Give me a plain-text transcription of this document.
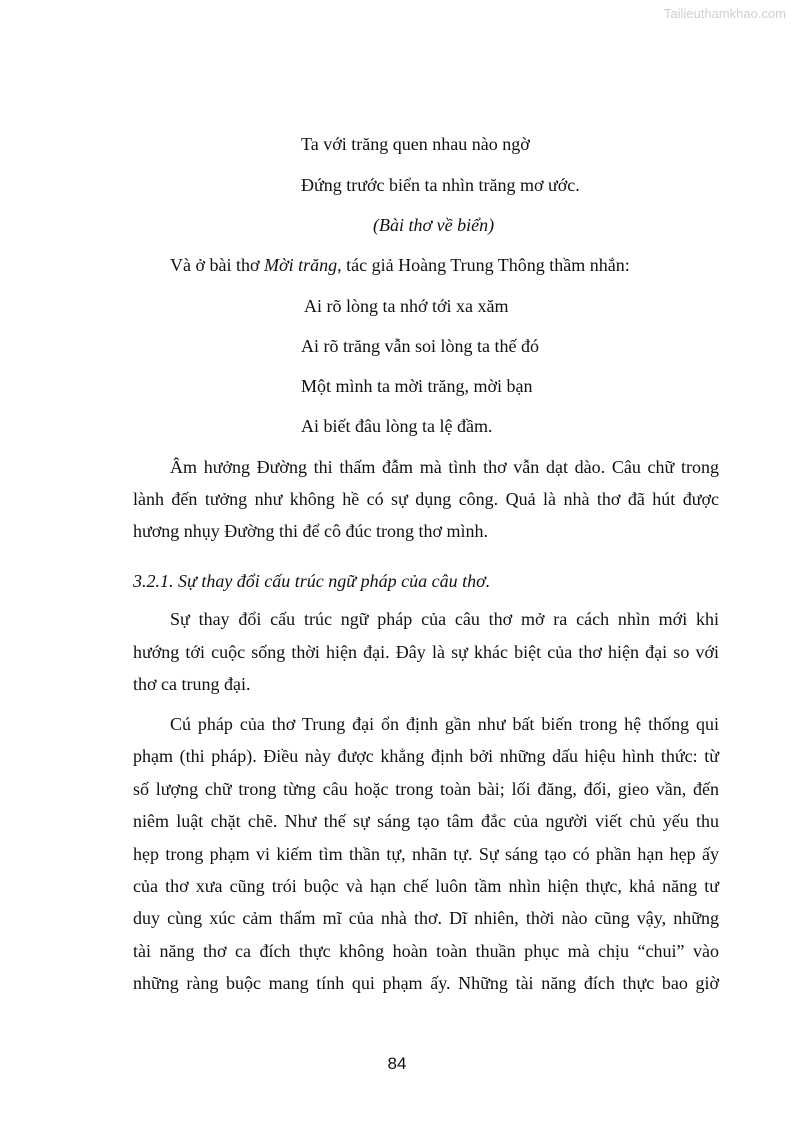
Tailieuthamkhao.com
Ta với trăng quen nhau nào ngờ
Đứng trước biển ta nhìn trăng mơ ước.
(Bài thơ về biển)
Và ở bài thơ Mời trăng, tác giả Hoàng Trung Thông thầm nhắn:
Ai rõ lòng ta nhớ tới xa xăm
Ai rõ trăng vẫn soi lòng ta thế đó
Một mình ta mời trăng, mời bạn
Ai biết đâu lòng ta lệ đầm.
Âm hưởng Đường thi thấm đẫm mà tình thơ vẫn dạt dào. Câu chữ trong
lành đến tưởng như không hề có sự dụng công. Quả là nhà thơ đã hút được
hương nhụy Đường thi để cô đúc trong thơ mình.
3.2.1. Sự thay đổi cấu trúc ngữ pháp của câu thơ.
Sự thay đổi cấu trúc ngữ pháp của câu thơ mở ra cách nhìn mới khi
hướng tới cuộc sống thời hiện đại. Đây là sự khác biệt của thơ hiện đại so với
thơ ca trung đại.
Cú pháp của thơ Trung đại ổn định gần như bất biến trong hệ thống qui
phạm (thi pháp). Điều này được khẳng định bởi những dấu hiệu hình thức: từ
số lượng chữ trong từng câu hoặc trong toàn bài; lối đăng, đối, gieo vần, đến
niêm luật chặt chẽ. Như thế sự sáng tạo tâm đắc của người viết chủ yếu thu
hẹp trong phạm vi kiếm tìm thần tự, nhãn tự. Sự sáng tạo có phần hạn hẹp ấy
của thơ xưa cũng trói buộc và hạn chế luôn tầm nhìn hiện thực, khả năng tư
duy cùng xúc cảm thẩm mĩ của nhà thơ. Dĩ nhiên, thời nào cũng vậy, những
tài năng thơ ca đích thực không hoàn toàn thuần phục mà chịu “chui” vào
những ràng buộc mang tính qui phạm ấy. Những tài năng đích thực bao giờ
84
